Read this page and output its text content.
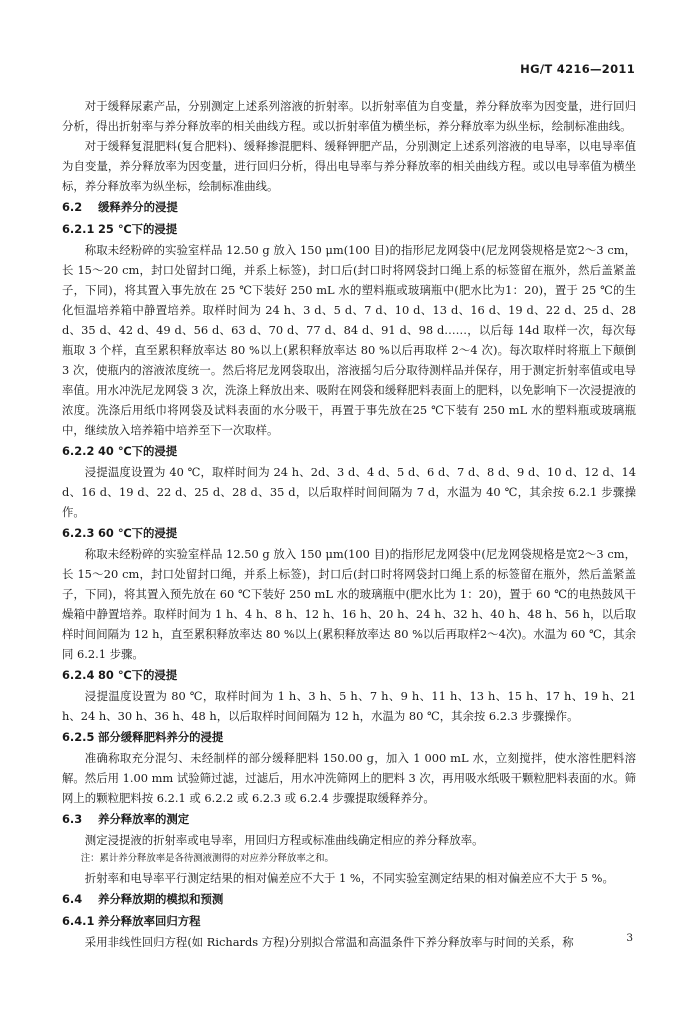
HG/T 4216—2011

对于缓释尿素产品，分别测定上述系列溶液的折射率。以折射率值为自变量，养分释放率为因变量，进行回归分析，得出折射率与养分释放率的相关曲线方程。或以折射率值为横坐标，养分释放率为纵坐标，绘制标准曲线。

对于缓释复混肥料(复合肥料)、缓释掺混肥料、缓释钾肥产品，分别测定上述系列溶液的电导率，以电导率值为自变量，养分释放率为因变量，进行回归分析，得出电导率与养分释放率的相关曲线方程。或以电导率值为横坐标，养分释放率为纵坐标，绘制标准曲线。

6.2 缓释养分的浸提
6.2.1 25 ℃下的浸提

称取未经粉碎的实验室样品 12.50 g 放入 150 μm(100 目)的指形尼龙网袋中(尼龙网袋规格是宽2～3 cm，长 15～20 cm，封口处留封口绳，并系上标签)，封口后(封口时将网袋封口绳上系的标签留在瓶外，然后盖紧盖子，下同)，将其置入事先放在 25 ℃下装好 250 mL 水的塑料瓶或玻璃瓶中(肥水比为1：20)，置于 25 ℃的生化恒温培养箱中静置培养。取样时间为 24 h、3 d、5 d、7 d、10 d、13 d、16 d、19 d、22 d、25 d、28 d、35 d、42 d、49 d、56 d、63 d、70 d、77 d、84 d、91 d、98 d……，以后每 14d 取样一次，每次每瓶取 3 个样，直至累积释放率达 80 %以上(累积释放率达 80 %以后再取样 2～4 次)。每次取样时将瓶上下颠倒 3 次，使瓶内的溶液浓度统一。然后将尼龙网袋取出，溶液摇匀后分取待测样品并保存，用于测定折射率值或电导率值。用水冲洗尼龙网袋 3 次，洗涤上释放出来、吸附在网袋和缓释肥料表面上的肥料，以免影响下一次浸提液的浓度。洗涤后用纸巾将网袋及试料表面的水分吸干，再置于事先放在25 ℃下装有 250 mL 水的塑料瓶或玻璃瓶中，继续放入培养箱中培养至下一次取样。

6.2.2 40 ℃下的浸提

浸提温度设置为 40 ℃，取样时间为 24 h、2d、3 d、4 d、5 d、6 d、7 d、8 d、9 d、10 d、12 d、14 d、16 d、19 d、22 d、25 d、28 d、35 d，以后取样时间间隔为 7 d，水温为 40 ℃，其余按 6.2.1 步骤操作。

6.2.3 60 ℃下的浸提

称取未经粉碎的实验室样品 12.50 g 放入 150 μm(100 目)的指形尼龙网袋中(尼龙网袋规格是宽2～3 cm，长 15～20 cm，封口处留封口绳，并系上标签)，封口后(封口时将网袋封口绳上系的标签留在瓶外，然后盖紧盖子，下同)，将其置入预先放在 60 ℃下装好 250 mL 水的玻璃瓶中(肥水比为 1：20)，置于 60 ℃的电热鼓风干燥箱中静置培养。取样时间为 1 h、4 h、8 h、12 h、16 h、20 h、24 h、32 h、40 h、48 h、56 h，以后取样时间间隔为 12 h，直至累积释放率达 80 %以上(累积释放率达 80 %以后再取样2～4次)。水温为 60 ℃，其余同 6.2.1 步骤。

6.2.4 80 ℃下的浸提

浸提温度设置为 80 ℃，取样时间为 1 h、3 h、5 h、7 h、9 h、11 h、13 h、15 h、17 h、19 h、21 h、24 h、30 h、36 h、48 h，以后取样时间间隔为 12 h，水温为 80 ℃，其余按 6.2.3 步骤操作。

6.2.5 部分缓释肥料养分的浸提

准确称取充分混匀、未经制样的部分缓释肥料 150.00 g，加入 1 000 mL 水，立刻搅拌，使水溶性肥料溶解。然后用 1.00 mm 试验筛过滤，过滤后，用水冲洗筛网上的肥料 3 次，再用吸水纸吸干颗粒肥料表面的水。筛网上的颗粒肥料按 6.2.1 或 6.2.2 或 6.2.3 或 6.2.4 步骤提取缓释养分。

6.3 养分释放率的测定

测定浸提液的折射率或电导率，用回归方程或标准曲线确定相应的养分释放率。

注：累计养分释放率是各待测液测得的对应养分释放率之和。

折射率和电导率平行测定结果的相对偏差应不大于 1 %，不同实验室测定结果的相对偏差应不大于 5 %。

6.4 养分释放期的模拟和预测
6.4.1 养分释放率回归方程

采用非线性回归方程(如 Richards 方程)分别拟合常温和高温条件下养分释放率与时间的关系，称	3
